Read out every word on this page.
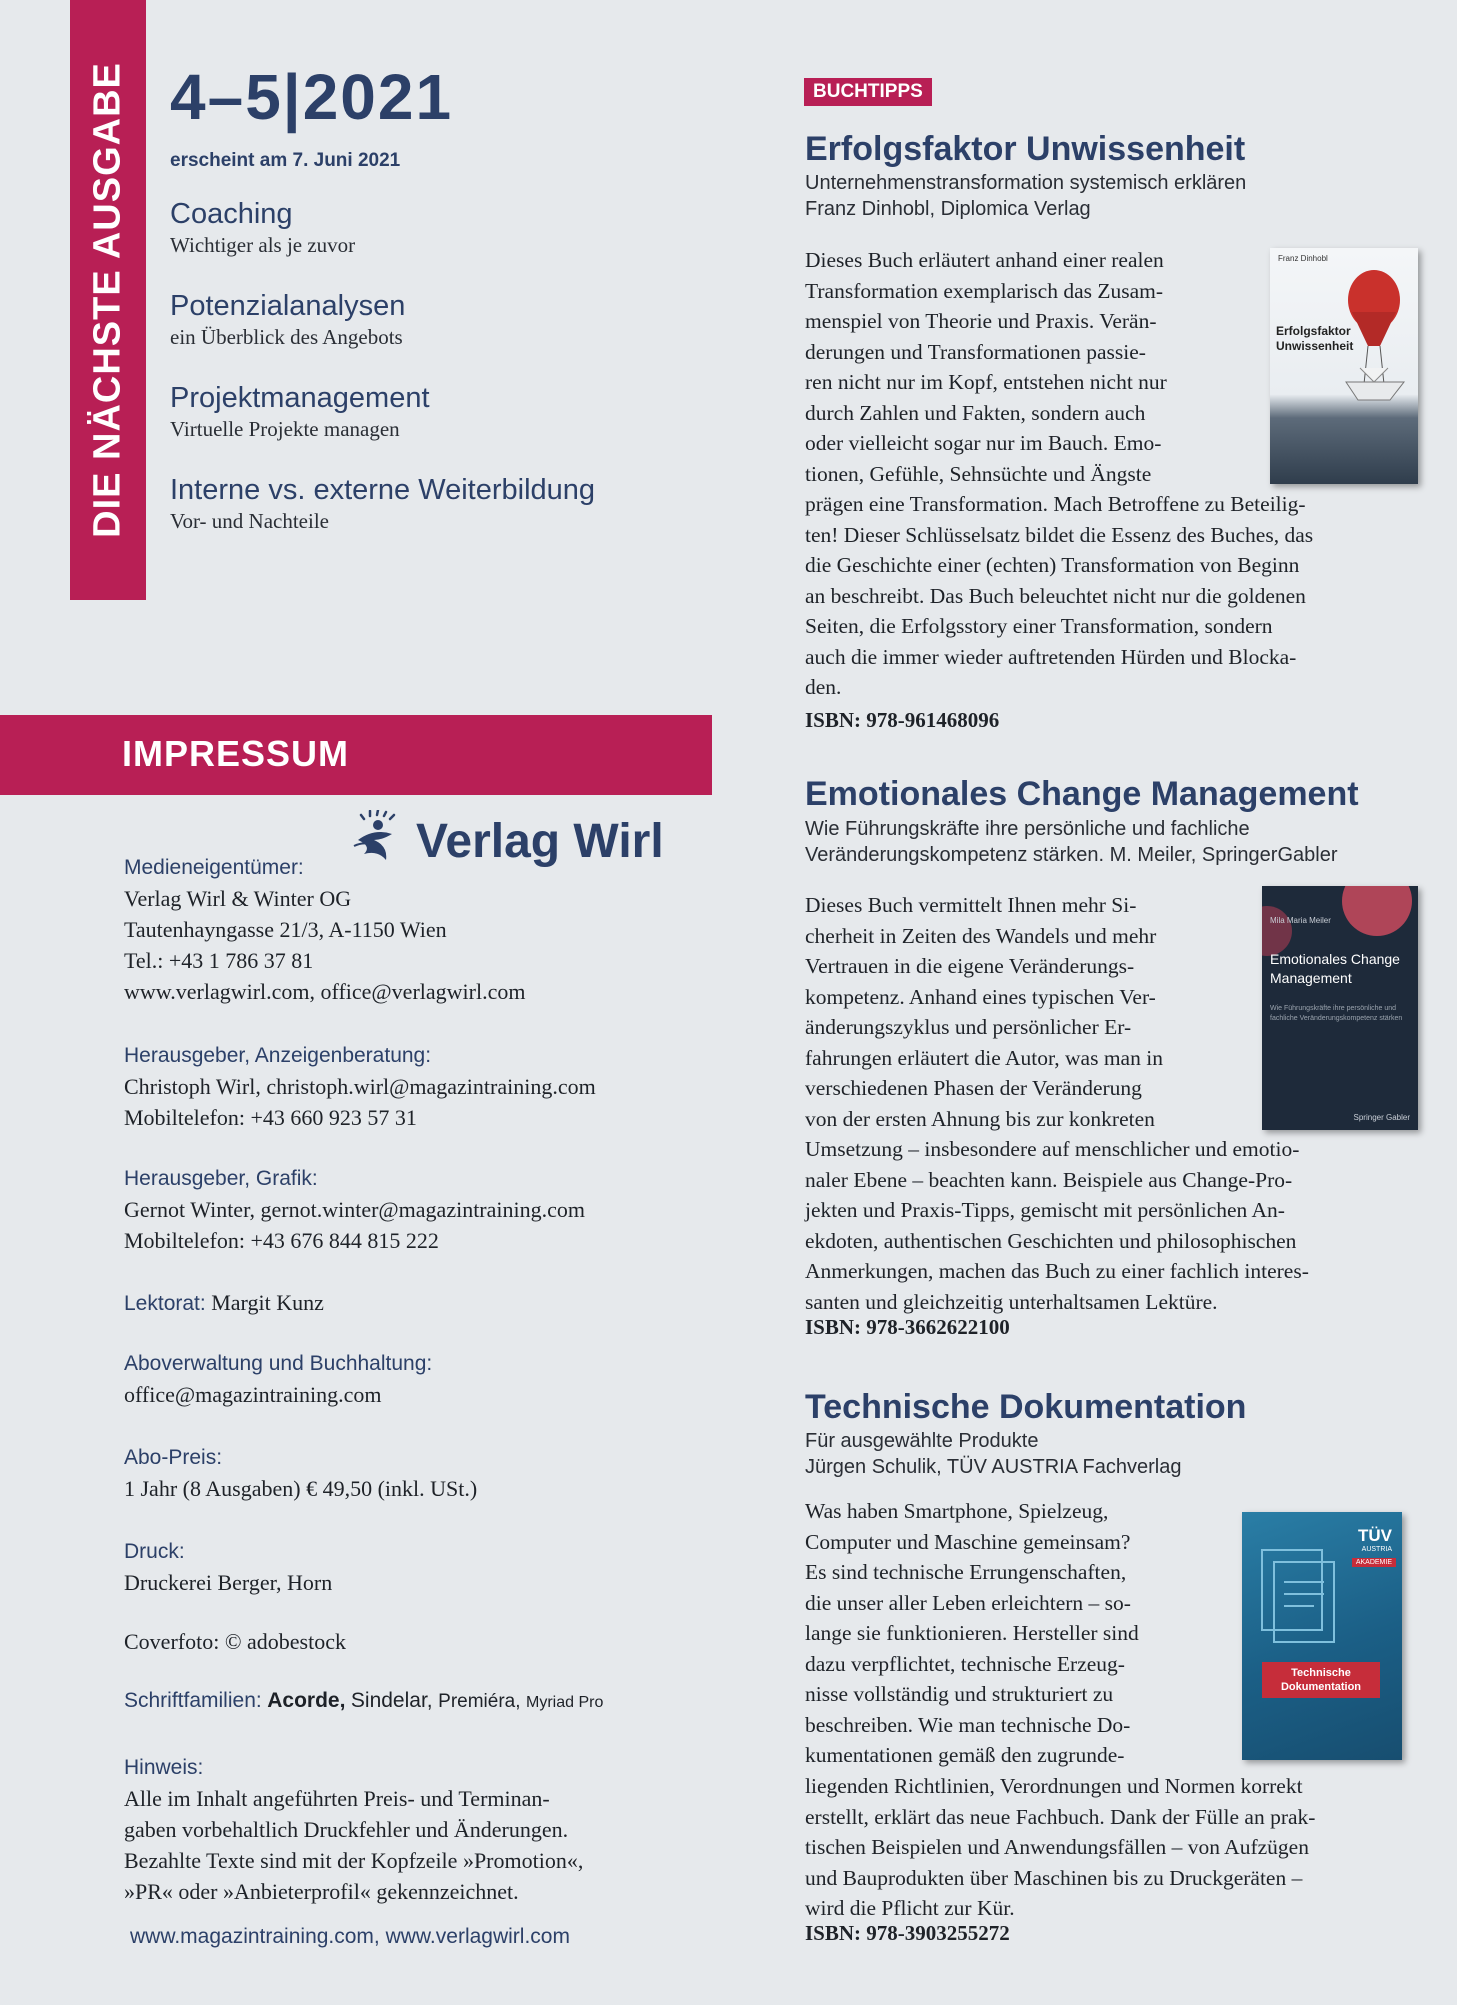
DIE NÄCHSTE AUSGABE 4–5|2021
erscheint am 7. Juni 2021
Coaching
Wichtiger als je zuvor
Potenzialanalysen
ein Überblick des Angebots
Projektmanagement
Virtuelle Projekte managen
Interne vs. externe Weiterbildung
Vor- und Nachteile
IMPRESSUM
Verlag Wirl
Medieneigentümer:
Verlag Wirl & Winter OG
Tautenhayngasse 21/3, A-1150 Wien
Tel.: +43 1 786 37 81
www.verlagwirl.com, office@verlagwirl.com
Herausgeber, Anzeigenberatung:
Christoph Wirl, christoph.wirl@magazintraining.com
Mobiltelefon: +43 660 923 57 31
Herausgeber, Grafik:
Gernot Winter, gernot.winter@magazintraining.com
Mobiltelefon: +43 676 844 815 222
Lektorat: Margit Kunz
Aboverwaltung und Buchhaltung:
office@magazintraining.com
Abo-Preis:
1 Jahr (8 Ausgaben) € 49,50 (inkl. USt.)
Druck:
Druckerei Berger, Horn
Coverfoto: © adobestock
Schriftfamilien: Acorde, Sindelar, Premiéra, Myriad Pro
Hinweis:
Alle im Inhalt angeführten Preis- und Terminan-
gaben vorbehaltlich Druckfehler und Änderungen.
Bezahlte Texte sind mit der Kopfzeile »Promotion«,
»PR« oder »Anbieterprofil« gekennzeichnet.
www.magazintraining.com, www.verlagwirl.com
BUCHTIPPS
Erfolgsfaktor Unwissenheit
Unternehmenstransformation systemisch erklären
Franz Dinhobl, Diplomica Verlag
Franz Dinhobl
Erfolgsfaktor
Unwissenheit
Dieses Buch erläutert anhand einer realen
Transformation exemplarisch das Zusam-
menspiel von Theorie und Praxis. Verän-
derungen und Transformationen passie-
ren nicht nur im Kopf, entstehen nicht nur
durch Zahlen und Fakten, sondern auch
oder vielleicht sogar nur im Bauch. Emo-
tionen, Gefühle, Sehnsüchte und Ängste
prägen eine Transformation. Mach Betroffene zu Beteilig-
ten! Dieser Schlüsselsatz bildet die Essenz des Buches, das
die Geschichte einer (echten) Transformation von Beginn
an beschreibt. Das Buch beleuchtet nicht nur die goldenen
Seiten, die Erfolgsstory einer Transformation, sondern
auch die immer wieder auftretenden Hürden und Blocka-
den.
ISBN: 978-961468096
Emotionales Change Management
Wie Führungskräfte ihre persönliche und fachliche
Veränderungskompetenz stärken. M. Meiler, SpringerGabler
Mila Maria Meiler
Emotionales Change
Management
Wie Führungskräfte ihre persönliche und fachliche Veränderungskompetenz stärken
Springer Gabler
Dieses Buch vermittelt Ihnen mehr Si-
cherheit in Zeiten des Wandels und mehr
Vertrauen in die eigene Veränderungs-
kompetenz. Anhand eines typischen Ver-
änderungszyklus und persönlicher Er-
fahrungen erläutert die Autor, was man in
verschiedenen Phasen der Veränderung
von der ersten Ahnung bis zur konkreten
Umsetzung – insbesondere auf menschlicher und emotio-
naler Ebene – beachten kann. Beispiele aus Change-Pro-
jekten und Praxis-Tipps, gemischt mit persönlichen An-
ekdoten, authentischen Geschichten und philosophischen
Anmerkungen, machen das Buch zu einer fachlich interes-
santen und gleichzeitig unterhaltsamen Lektüre.
ISBN: 978-3662622100
Technische Dokumentation
Für ausgewählte Produkte
Jürgen Schulik, TÜV AUSTRIA Fachverlag
TÜV
AUSTRIA
AKADEMIE
Technische
Dokumentation
Was haben Smartphone, Spielzeug,
Computer und Maschine gemeinsam?
Es sind technische Errungenschaften,
die unser aller Leben erleichtern – so-
lange sie funktionieren. Hersteller sind
dazu verpflichtet, technische Erzeug-
nisse vollständig und strukturiert zu
beschreiben. Wie man technische Do-
kumentationen gemäß den zugrunde-
liegenden Richtlinien, Verordnungen und Normen korrekt
erstellt, erklärt das neue Fachbuch. Dank der Fülle an prak-
tischen Beispielen und Anwendungsfällen – von Aufzügen
und Bauprodukten über Maschinen bis zu Druckgeräten –
wird die Pflicht zur Kür.
ISBN: 978-3903255272
